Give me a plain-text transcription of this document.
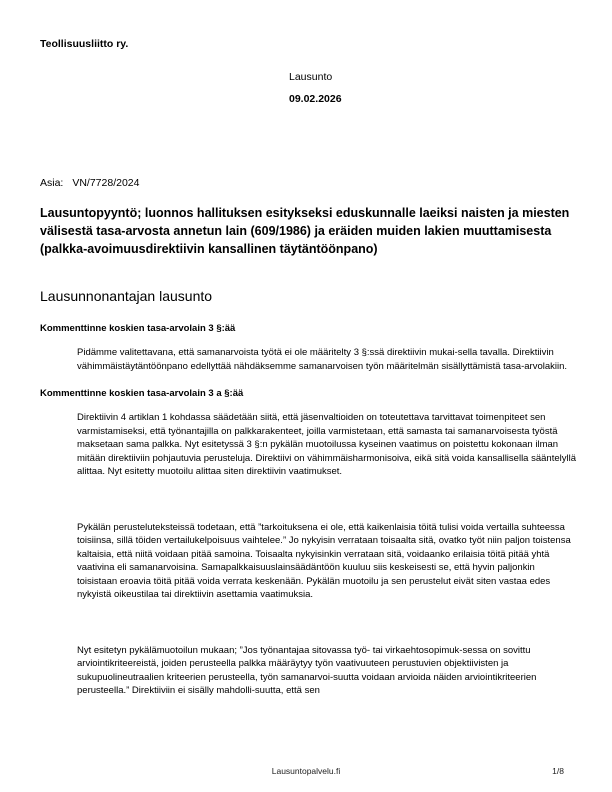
Teollisuusliitto ry.
Lausunto
09.02.2026
Asia: VN/7728/2024
Lausuntopyyntö; luonnos hallituksen esitykseksi eduskunnalle laeiksi naisten ja miesten välisestä tasa-arvosta annetun lain (609/1986) ja eräiden muiden lakien muuttamisesta (palkka-avoimuusdirektiivin kansallinen täytäntöönpano)
Lausunnonantajan lausunto
Kommenttinne koskien tasa-arvolain 3 §:ää

Pidämme valitettavana, että samanarvoista työtä ei ole määritelty 3 §:ssä direktiivin mukai-sella tavalla. Direktiivin vähimmäistäytäntöönpano edellyttää nähdäksemme samanarvoisen työn määritelmän sisällyttämistä tasa-arvolakiin.

Kommenttinne koskien tasa-arvolain 3 a §:ää

Direktiivin 4 artiklan 1 kohdassa säädetään siitä, että jäsenvaltioiden on toteutettava tarvittavat toimenpiteet sen varmistamiseksi, että työnantajilla on palkkarakenteet, joilla varmistetaan, että samasta tai samanarvoisesta työstä maksetaan sama palkka. Nyt esitetyssä 3 §:n pykälän muotoilussa kyseinen vaatimus on poistettu kokonaan ilman mitään direktiiviin pohjautuvia perusteluja. Direktiivi on vähimmäisharmonisoiva, eikä sitä voida kansallisella sääntelyllä alittaa. Nyt esitetty muotoilu alittaa siten direktiivin vaatimukset.

Pykälän perusteluteksteissä todetaan, että ”tarkoituksena ei ole, että kaikenlaisia töitä tulisi voida vertailla suhteessa toisiinsa, sillä töiden vertailukelpoisuus vaihtelee.” Jo nykyisin verrataan toisaalta sitä, ovatko työt niin paljon toistensa kaltaisia, että niitä voidaan pitää samoina. Toisaalta nykyisinkin verrataan sitä, voidaanko erilaisia töitä pitää yhtä vaativina eli samanarvoisina. Samapalkkaisuuslainsäädäntöön kuuluu siis keskeisesti se, että hyvin paljonkin toisistaan eroavia töitä pitää voida verrata keskenään. Pykälän muotoilu ja sen perustelut eivät siten vastaa edes nykyistä oikeustilaa tai direktiivin asettamia vaatimuksia.

Nyt esitetyn pykälämuotoilun mukaan; ”Jos työnantajaa sitovassa työ- tai virkaehtosopimuk-sessa on sovittu arviointikriteereistä, joiden perusteella palkka määräytyy työn vaativuuteen perustuvien objektiivisten ja sukupuolineutraalien kriteerien perusteella, työn samanarvoi-suutta voidaan arvioida näiden arviointikriteerien perusteella.” Direktiiviin ei sisälly mahdolli-suutta, että sen

Lausuntopalvelu.fi	1/8
